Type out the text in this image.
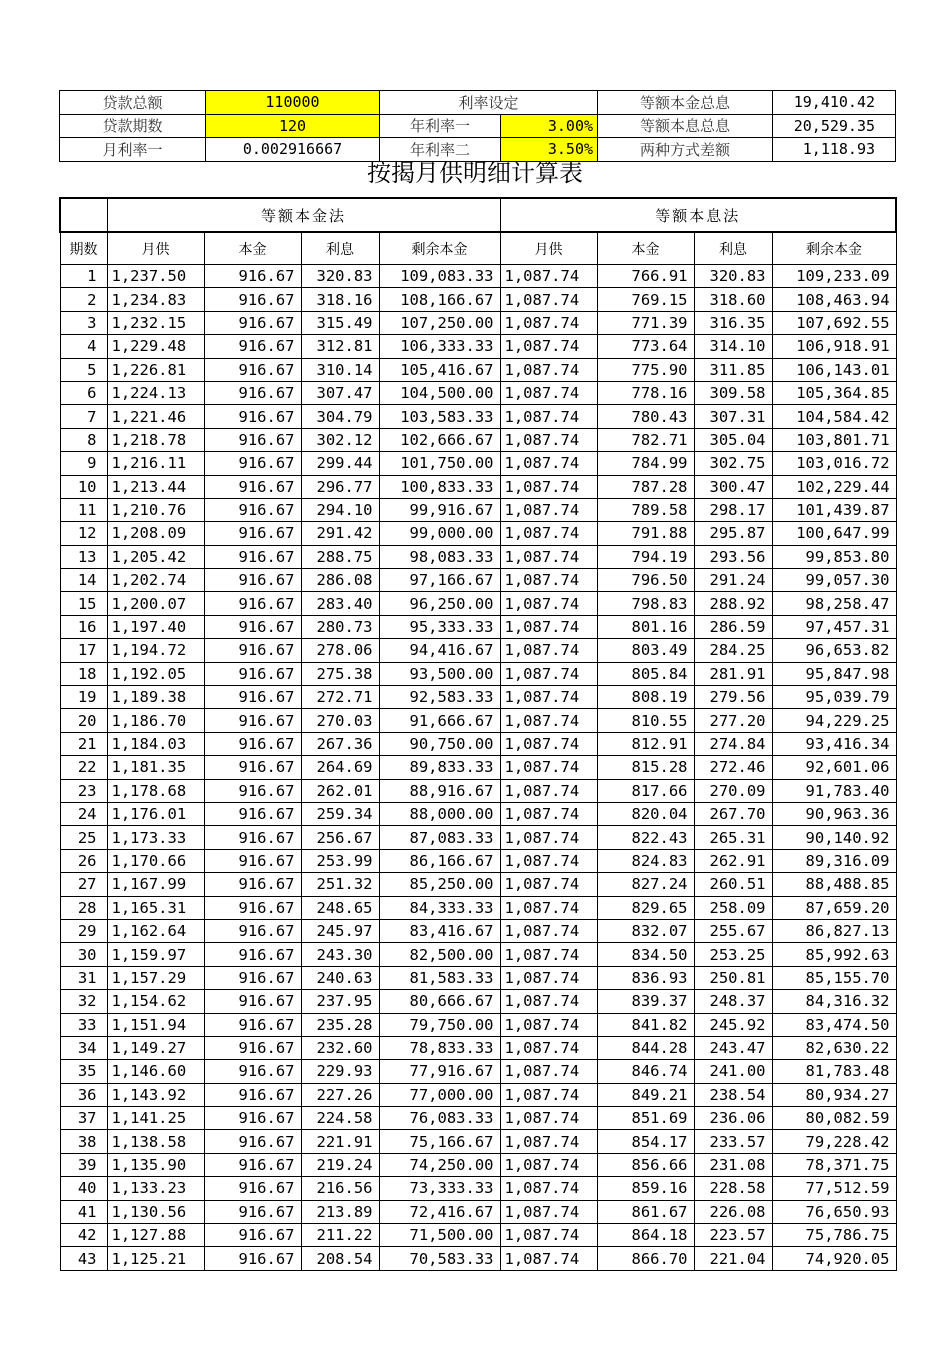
贷款总额	110000	利率设定		等额本金总息	19,410.42
贷款期数	120	年利率一	3.00%	等额本息总息	20,529.35
月利率一	0.002916667	年利率二	3.50%	两种方式差额	1,118.93
按揭月供明细计算表
	等额本金法				等额本息法			
期数	月供	本金	利息	剩余本金	月供	本金	利息	剩余本金
1	1,237.50	916.67	320.83	109,083.33	1,087.74	766.91	320.83	109,233.09
2	1,234.83	916.67	318.16	108,166.67	1,087.74	769.15	318.60	108,463.94
3	1,232.15	916.67	315.49	107,250.00	1,087.74	771.39	316.35	107,692.55
4	1,229.48	916.67	312.81	106,333.33	1,087.74	773.64	314.10	106,918.91
5	1,226.81	916.67	310.14	105,416.67	1,087.74	775.90	311.85	106,143.01
6	1,224.13	916.67	307.47	104,500.00	1,087.74	778.16	309.58	105,364.85
7	1,221.46	916.67	304.79	103,583.33	1,087.74	780.43	307.31	104,584.42
8	1,218.78	916.67	302.12	102,666.67	1,087.74	782.71	305.04	103,801.71
9	1,216.11	916.67	299.44	101,750.00	1,087.74	784.99	302.75	103,016.72
10	1,213.44	916.67	296.77	100,833.33	1,087.74	787.28	300.47	102,229.44
11	1,210.76	916.67	294.10	99,916.67	1,087.74	789.58	298.17	101,439.87
12	1,208.09	916.67	291.42	99,000.00	1,087.74	791.88	295.87	100,647.99
13	1,205.42	916.67	288.75	98,083.33	1,087.74	794.19	293.56	99,853.80
14	1,202.74	916.67	286.08	97,166.67	1,087.74	796.50	291.24	99,057.30
15	1,200.07	916.67	283.40	96,250.00	1,087.74	798.83	288.92	98,258.47
16	1,197.40	916.67	280.73	95,333.33	1,087.74	801.16	286.59	97,457.31
17	1,194.72	916.67	278.06	94,416.67	1,087.74	803.49	284.25	96,653.82
18	1,192.05	916.67	275.38	93,500.00	1,087.74	805.84	281.91	95,847.98
19	1,189.38	916.67	272.71	92,583.33	1,087.74	808.19	279.56	95,039.79
20	1,186.70	916.67	270.03	91,666.67	1,087.74	810.55	277.20	94,229.25
21	1,184.03	916.67	267.36	90,750.00	1,087.74	812.91	274.84	93,416.34
22	1,181.35	916.67	264.69	89,833.33	1,087.74	815.28	272.46	92,601.06
23	1,178.68	916.67	262.01	88,916.67	1,087.74	817.66	270.09	91,783.40
24	1,176.01	916.67	259.34	88,000.00	1,087.74	820.04	267.70	90,963.36
25	1,173.33	916.67	256.67	87,083.33	1,087.74	822.43	265.31	90,140.92
26	1,170.66	916.67	253.99	86,166.67	1,087.74	824.83	262.91	89,316.09
27	1,167.99	916.67	251.32	85,250.00	1,087.74	827.24	260.51	88,488.85
28	1,165.31	916.67	248.65	84,333.33	1,087.74	829.65	258.09	87,659.20
29	1,162.64	916.67	245.97	83,416.67	1,087.74	832.07	255.67	86,827.13
30	1,159.97	916.67	243.30	82,500.00	1,087.74	834.50	253.25	85,992.63
31	1,157.29	916.67	240.63	81,583.33	1,087.74	836.93	250.81	85,155.70
32	1,154.62	916.67	237.95	80,666.67	1,087.74	839.37	248.37	84,316.32
33	1,151.94	916.67	235.28	79,750.00	1,087.74	841.82	245.92	83,474.50
34	1,149.27	916.67	232.60	78,833.33	1,087.74	844.28	243.47	82,630.22
35	1,146.60	916.67	229.93	77,916.67	1,087.74	846.74	241.00	81,783.48
36	1,143.92	916.67	227.26	77,000.00	1,087.74	849.21	238.54	80,934.27
37	1,141.25	916.67	224.58	76,083.33	1,087.74	851.69	236.06	80,082.59
38	1,138.58	916.67	221.91	75,166.67	1,087.74	854.17	233.57	79,228.42
39	1,135.90	916.67	219.24	74,250.00	1,087.74	856.66	231.08	78,371.75
40	1,133.23	916.67	216.56	73,333.33	1,087.74	859.16	228.58	77,512.59
41	1,130.56	916.67	213.89	72,416.67	1,087.74	861.67	226.08	76,650.93
42	1,127.88	916.67	211.22	71,500.00	1,087.74	864.18	223.57	75,786.75
43	1,125.21	916.67	208.54	70,583.33	1,087.74	866.70	221.04	74,920.05
